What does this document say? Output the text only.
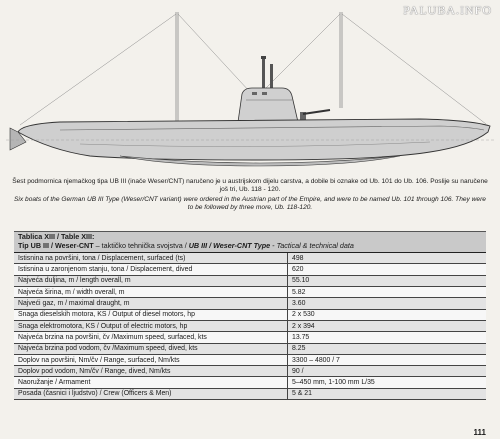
PALUBA.INFO
Šest podmornica njemačkog tipa UB III (inače Weser/CNT) naručeno je u austrijskom dijelu carstva, a dobile bi oznake od Ub. 101 do Ub. 106. Poslije su naručene još tri, Ub. 118 - 120.
Six boats of the German UB III Type (Weser/CNT variant) were ordered in the Austrian part of the Empire, and were to be named Ub. 101 through 106. They were to be followed by three more, Ub. 118-120.
Tablica XIII / Table XIII:
Tip UB III / Weser-CNT – taktičko tehnička svojstva / UB III / Weser-CNT Type - Tactical & technical data
Istisnina na površini, tona / Displacement, surfaced (ts)	498
Istisnina u zaronjenom stanju, tona / Displacement, dived	620
Najveća duljina, m / length overall, m	55.10
Najveća širina, m / width overall, m	5.82
Najveći gaz, m / maximal draught, m	3.60
Snaga dieselskih motora, KS / Output of diesel motors, hp	2 x 530
Snaga elektromotora, KS / Output of electric motors, hp	2 x 394
Najveća brzina na površini, čv /Maximum speed, surfaced, kts	13.75
Najveća brzina pod vodom, čv /Maximum speed, dived, kts	8.25
Doplov na površini, Nm/čv / Range, surfaced, Nm/kts	3300 – 4800 / 7
Doplov pod vodom, Nm/čv / Range, dived, Nm/kts	90 /
Naoružanje / Armament	5–450 mm, 1-100 mm L/35
Posada (časnici i ljudstvo) / Crew (Officers & Men)	5 & 21
111
